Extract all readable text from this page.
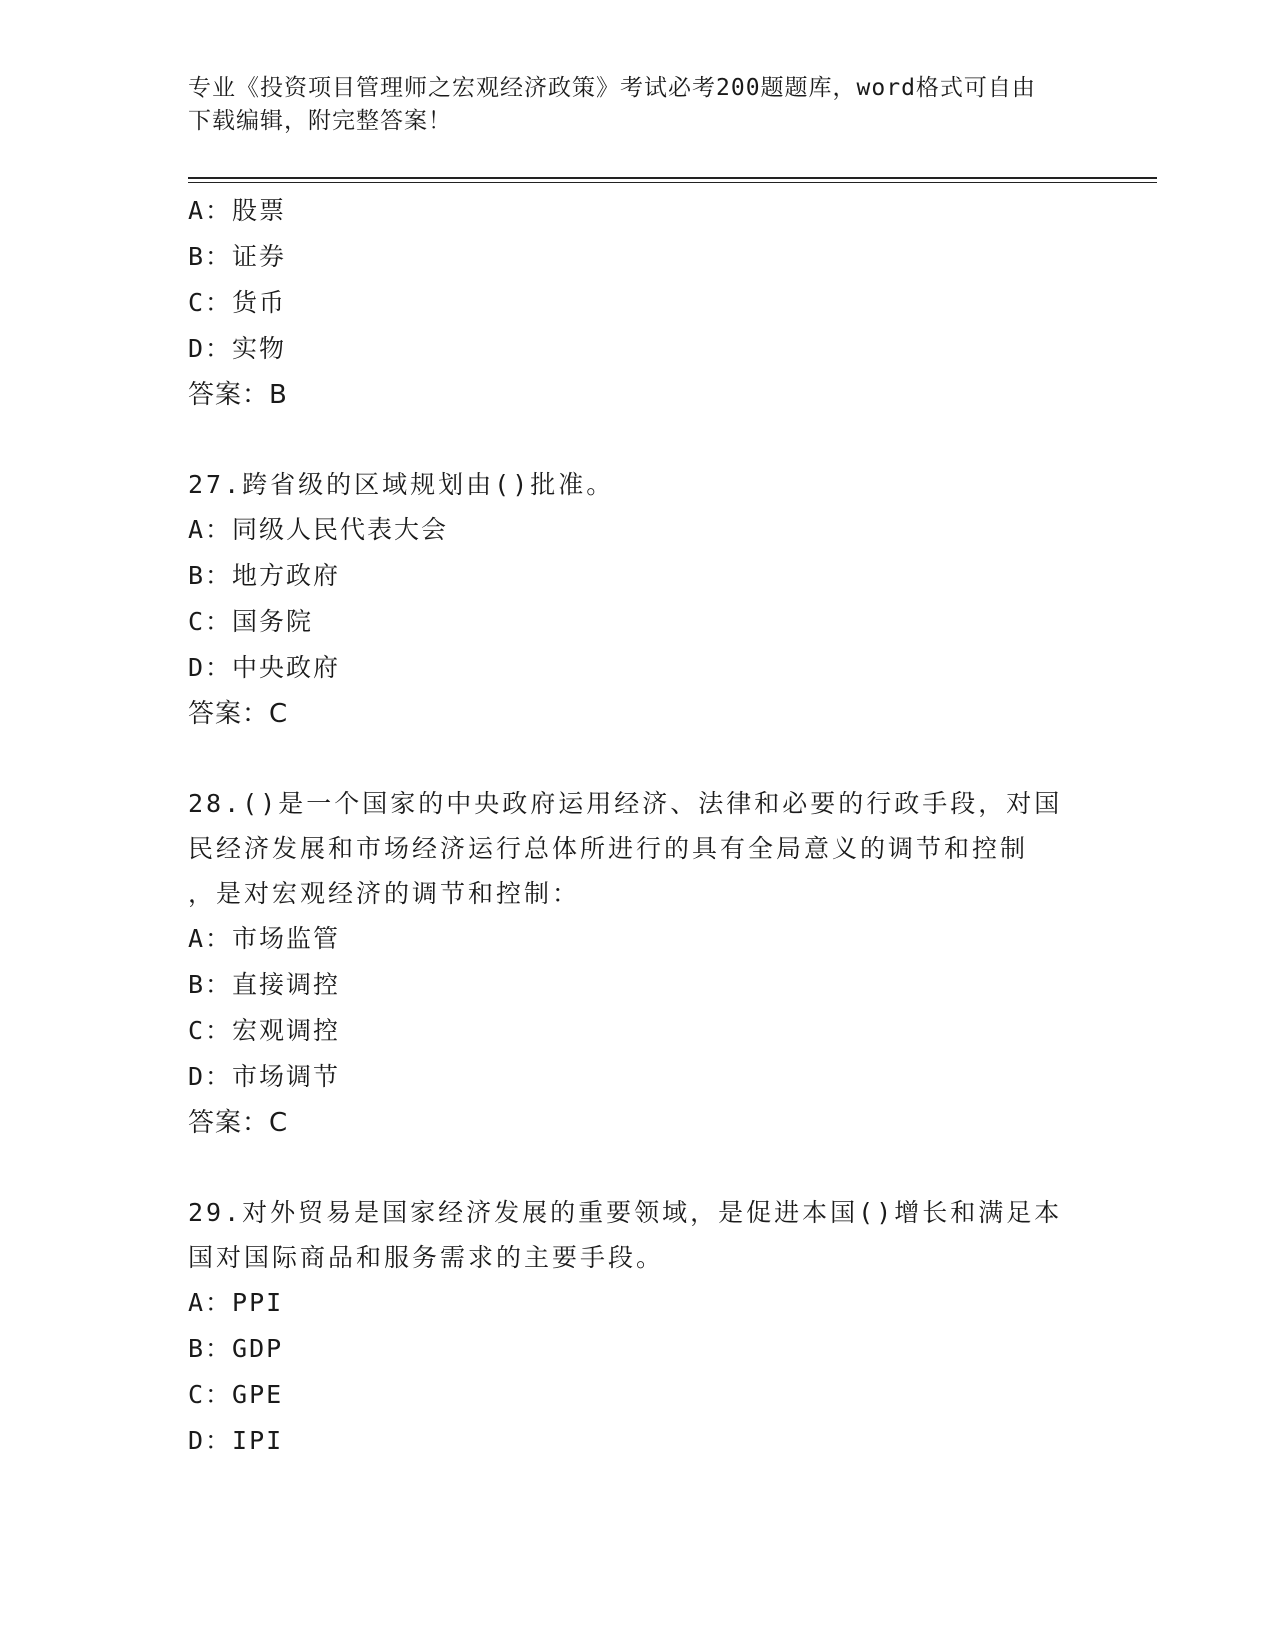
专业《投资项目管理师之宏观经济政策》考试必考200题题库，word格式可自由
下载编辑，附完整答案！
A：股票
B：证券
C：货币
D：实物
答案：B
27.跨省级的区域规划由()批准。
A：同级人民代表大会
B：地方政府
C：国务院
D：中央政府
答案：C
28.()是一个国家的中央政府运用经济、法律和必要的行政手段，对国
民经济发展和市场经济运行总体所进行的具有全局意义的调节和控制
，是对宏观经济的调节和控制：
A：市场监管
B：直接调控
C：宏观调控
D：市场调节
答案：C
29.对外贸易是国家经济发展的重要领域，是促进本国()增长和满足本
国对国际商品和服务需求的主要手段。
A：PPI
B：GDP
C：GPE
D：IPI
